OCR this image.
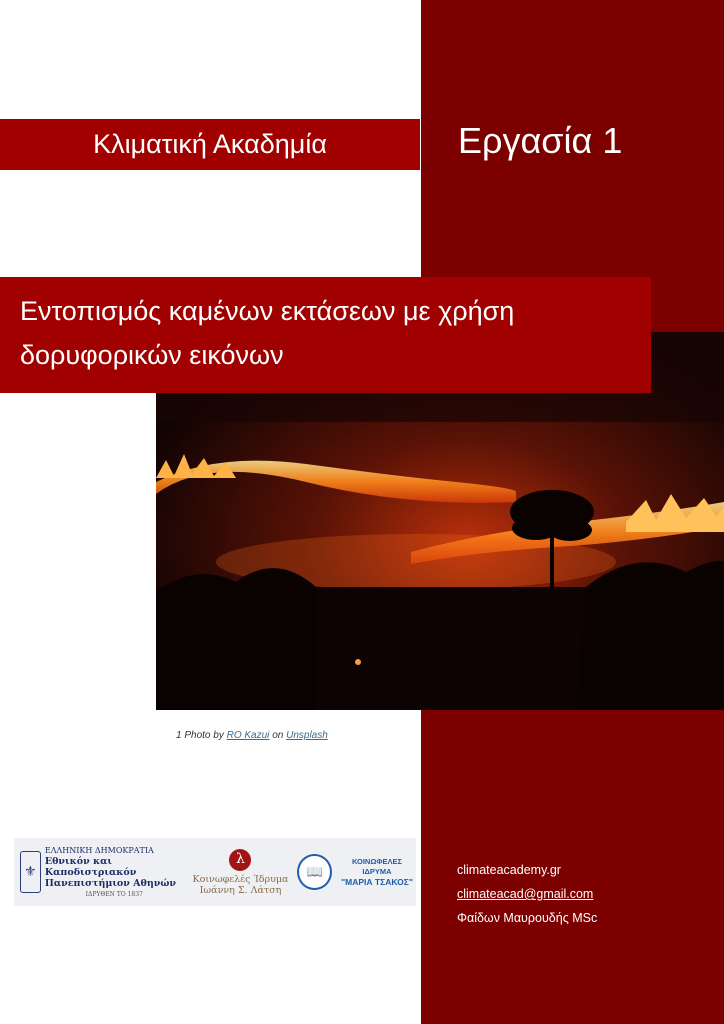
Κλιματική Ακαδημία	Εργασία 1
Εντοπισμός καμένων εκτάσεων με χρήση
δορυφορικών εικόνων
1 Photo by RO Kazui on Unsplash
⚜
ΕΛΛΗΝΙΚΗ ΔΗΜΟΚΡΑΤΙΑ
Εθνικόν και Καποδιστριακόν
Πανεπιστήμιον Αθηνών
ΙΔΡΥΘΕΝ ΤΟ 1837
λ
Κοινωφελές Ίδρυμα
Ιωάννη Σ. Λάτση
📖
ΚΟΙΝΩΦΕΛΕΣ ΙΔΡΥΜΑ
"ΜΑΡΙΑ ΤΣΑΚΟΣ"
climateacademy.gr
climateacad@gmail.com
Φαίδων Μαυρουδής MSc
